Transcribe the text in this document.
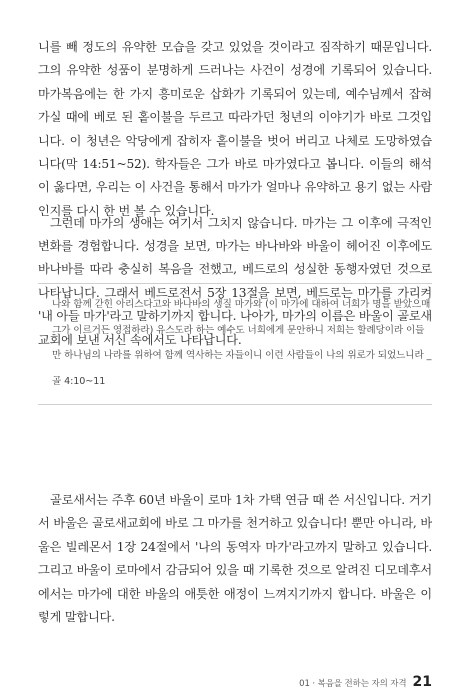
니를 빼 정도의 유약한 모습을 갖고 있었을 것이라고 짐작하기 때문입니다. 그의 유약한 성품이 분명하게 드러나는 사건이 성경에 기록되어 있습니다. 마가복음에는 한 가지 흥미로운 삽화가 기록되어 있는데, 예수님께서 잡혀 가실 때에 베로 된 홑이불을 두르고 따라가던 청년의 이야기가 바로 그것입니다. 이 청년은 악당에게 잡히자 홑이불을 벗어 버리고 나체로 도망하였습니다(막 14:51~52). 학자들은 그가 바로 마가였다고 봅니다. 이들의 해석이 옳다면, 우리는 이 사건을 통해서 마가가 얼마나 유약하고 용기 없는 사람인지를 다시 한 번 볼 수 있습니다.

그런데 마가의 생애는 여기서 그치지 않습니다. 마가는 그 이후에 극적인 변화를 경험합니다. 성경을 보면, 마가는 바나바와 바울이 헤어진 이후에도 바나바를 따라 충실히 복음을 전했고, 베드로의 성실한 동행자였던 것으로 나타납니다. 그래서 베드로전서 5장 13절을 보면, 베드로는 마가를 가리켜 '내 아들 마가'라고 말하기까지 합니다. 나아가, 마가의 이름은 바울이 골로새교회에 보낸 서신 속에서도 나타납니다.

나와 함께 갇힌 아리스다고와 바나바의 생질 마가와 (이 마가에 대하여 너희가 명을 받았으매 그가 이르거든 영접하라) 유스도라 하는 예수도 너희에게 문안하니 저희는 할례당이라 이들만 하나님의 나라를 위하여 함께 역사하는 자들이니 이런 사람들이 나의 위로가 되었느니라 _골 4:10~11

골로새서는 주후 60년 바울이 로마 1차 가택 연금 때 쓴 서신입니다. 거기서 바울은 골로새교회에 바로 그 마가를 천거하고 있습니다! 뿐만 아니라, 바울은 빌레몬서 1장 24절에서 '나의 동역자 마가'라고까지 말하고 있습니다. 그리고 바울이 로마에서 감금되어 있을 때 기록한 것으로 알려진 디모데후서에서는 마가에 대한 바울의 애틋한 애정이 느껴지기까지 합니다. 바울은 이렇게 말합니다.

01 · 복음을 전하는 자의 자격 21
